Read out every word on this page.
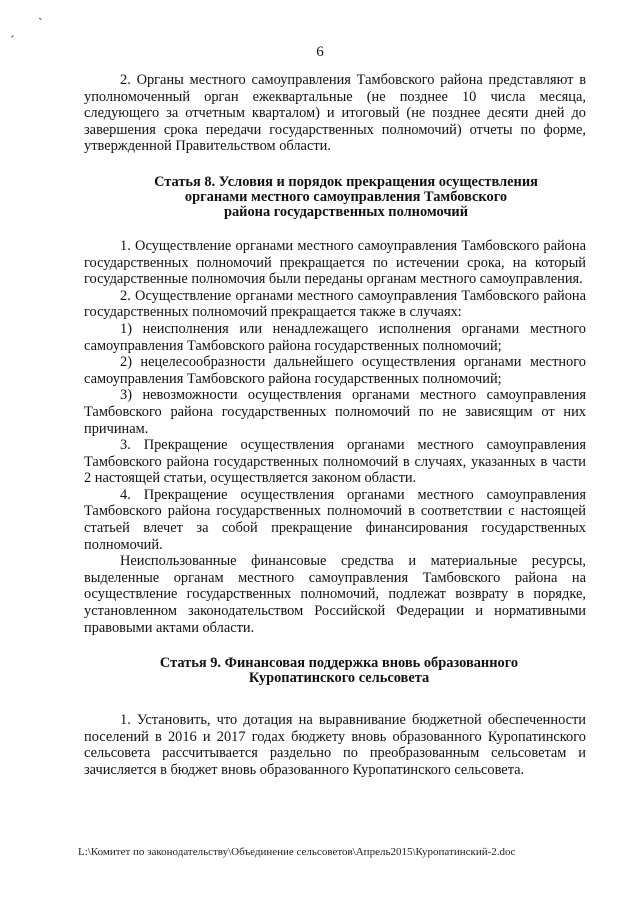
ˏ
ˊ
6

2. Органы местного самоуправления Тамбовского района представляют в уполномоченный орган ежеквартальные (не позднее 10 числа месяца, следующего за отчетным кварталом) и итоговый (не позднее десяти дней до завершения срока передачи государственных полномочий) отчеты по форме, утвержденной Правительством области.

Статья 8. Условия и порядок прекращения осуществления
органами местного самоуправления Тамбовского
района государственных полномочий

1. Осуществление органами местного самоуправления Тамбовского района государственных полномочий прекращается по истечении срока, на который государственные полномочия были переданы органам местного самоуправления.

2. Осуществление органами местного самоуправления Тамбовского района государственных полномочий прекращается также в случаях:

1) неисполнения или ненадлежащего исполнения органами местного самоуправления Тамбовского района государственных полномочий;

2) нецелесообразности дальнейшего осуществления органами местного самоуправления Тамбовского района государственных полномочий;

3) невозможности осуществления органами местного самоуправления Тамбовского района государственных полномочий по не зависящим от них причинам.

3. Прекращение осуществления органами местного самоуправления Тамбовского района государственных полномочий в случаях, указанных в части 2 настоящей статьи, осуществляется законом области.

4. Прекращение осуществления органами местного самоуправления Тамбовского района государственных полномочий в соответствии с настоящей статьей влечет за собой прекращение финансирования государственных полномочий.

Неиспользованные финансовые средства и материальные ресурсы, выделенные органам местного самоуправления Тамбовского района на осуществление государственных полномочий, подлежат возврату в порядке, установленном законодательством Российской Федерации и нормативными правовыми актами области.

Статья 9. Финансовая поддержка вновь образованного
Куропатинского сельсовета

1. Установить, что дотация на выравнивание бюджетной обеспеченности поселений в 2016 и 2017 годах бюджету вновь образованного Куропатинского сельсовета рассчитывается раздельно по преобразованным сельсоветам и зачисляется в бюджет вновь образованного Куропатинского сельсовета.

L:\Комитет по законодательству\Объединение сельсоветов\Апрель2015\Куропатинский-2.doc
